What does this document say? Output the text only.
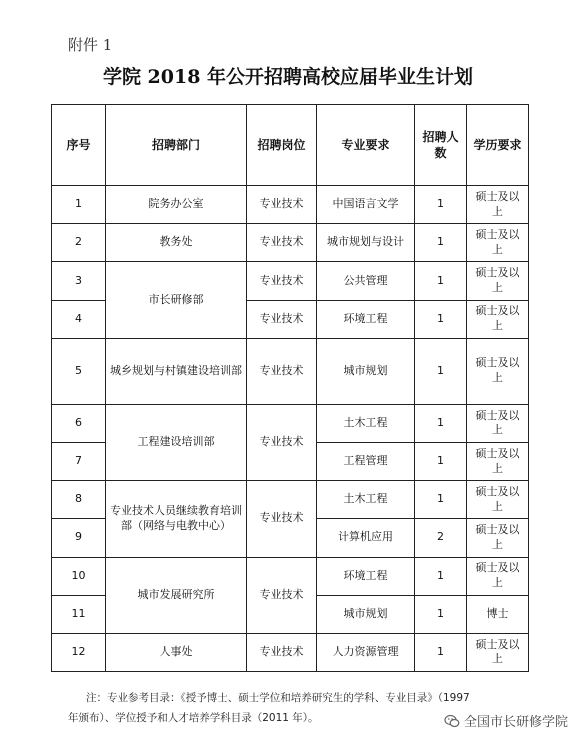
附件 1
学院 2018 年公开招聘高校应届毕业生计划
序号	招聘部门	招聘岗位	专业要求	招聘人数	学历要求
1	院务办公室	专业技术	中国语言文学	1	硕士及以上
2	教务处	专业技术	城市规划与设计	1	硕士及以上
3	市长研修部	专业技术	公共管理	1	硕士及以上
4		专业技术	环境工程	1	硕士及以上
5	城乡规划与村镇建设培训部	专业技术	城市规划	1	硕士及以上
6	工程建设培训部	专业技术	土木工程	1	硕士及以上
7			工程管理	1	硕士及以上
8	专业技术人员继续教育培训部（网络与电教中心）	专业技术	土木工程	1	硕士及以上
9			计算机应用	2	硕士及以上
10	城市发展研究所	专业技术	环境工程	1	硕士及以上
11			城市规划	1	博士
12	人事处	专业技术	人力资源管理	1	硕士及以上
注：专业参考目录：《授予博士、硕士学位和培养研究生的学科、专业目录》（1997
年颁布）、学位授予和人才培养学科目录（2011 年）。	全国市长研修学院
